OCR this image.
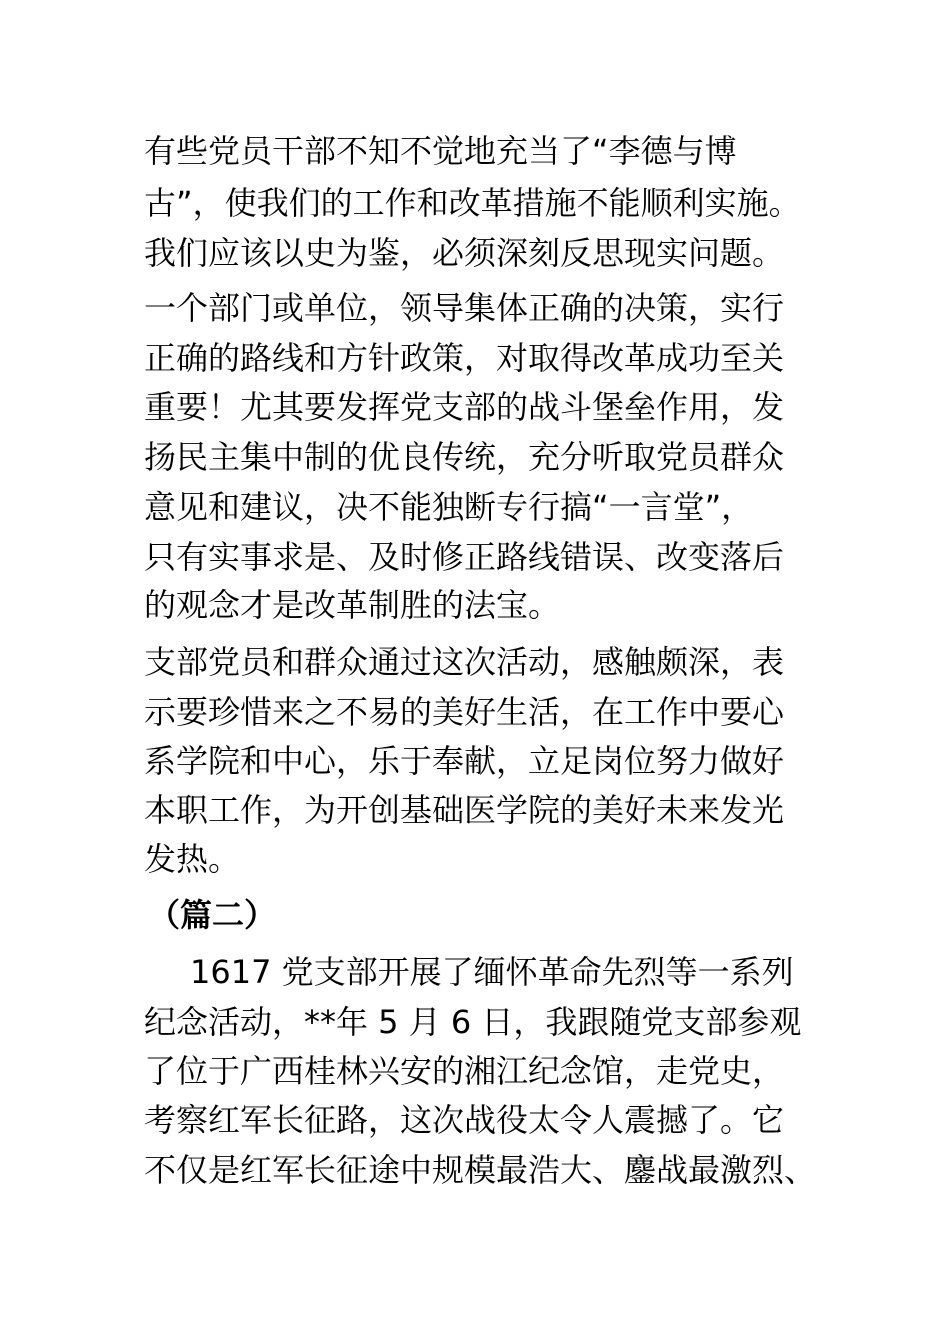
有些党员干部不知不觉地充当了“李德与博
古”，使我们的工作和改革措施不能顺利实施。
我们应该以史为鉴，必须深刻反思现实问题。
一个部门或单位，领导集体正确的决策，实行
正确的路线和方针政策，对取得改革成功至关
重要！尤其要发挥党支部的战斗堡垒作用，发
扬民主集中制的优良传统，充分听取党员群众
意见和建议，决不能独断专行搞“一言堂”，
只有实事求是、及时修正路线错误、改变落后
的观念才是改革制胜的法宝。
支部党员和群众通过这次活动，感触颇深，表
示要珍惜来之不易的美好生活，在工作中要心
系学院和中心，乐于奉献，立足岗位努力做好
本职工作，为开创基础医学院的美好未来发光
发热。
（篇二）
1617 党支部开展了缅怀革命先烈等一系列
纪念活动，**年 5 月 6 日，我跟随党支部参观
了位于广西桂林兴安的湘江纪念馆，走党史，
考察红军长征路，这次战役太令人震撼了。它
不仅是红军长征途中规模最浩大、鏖战最激烈、
